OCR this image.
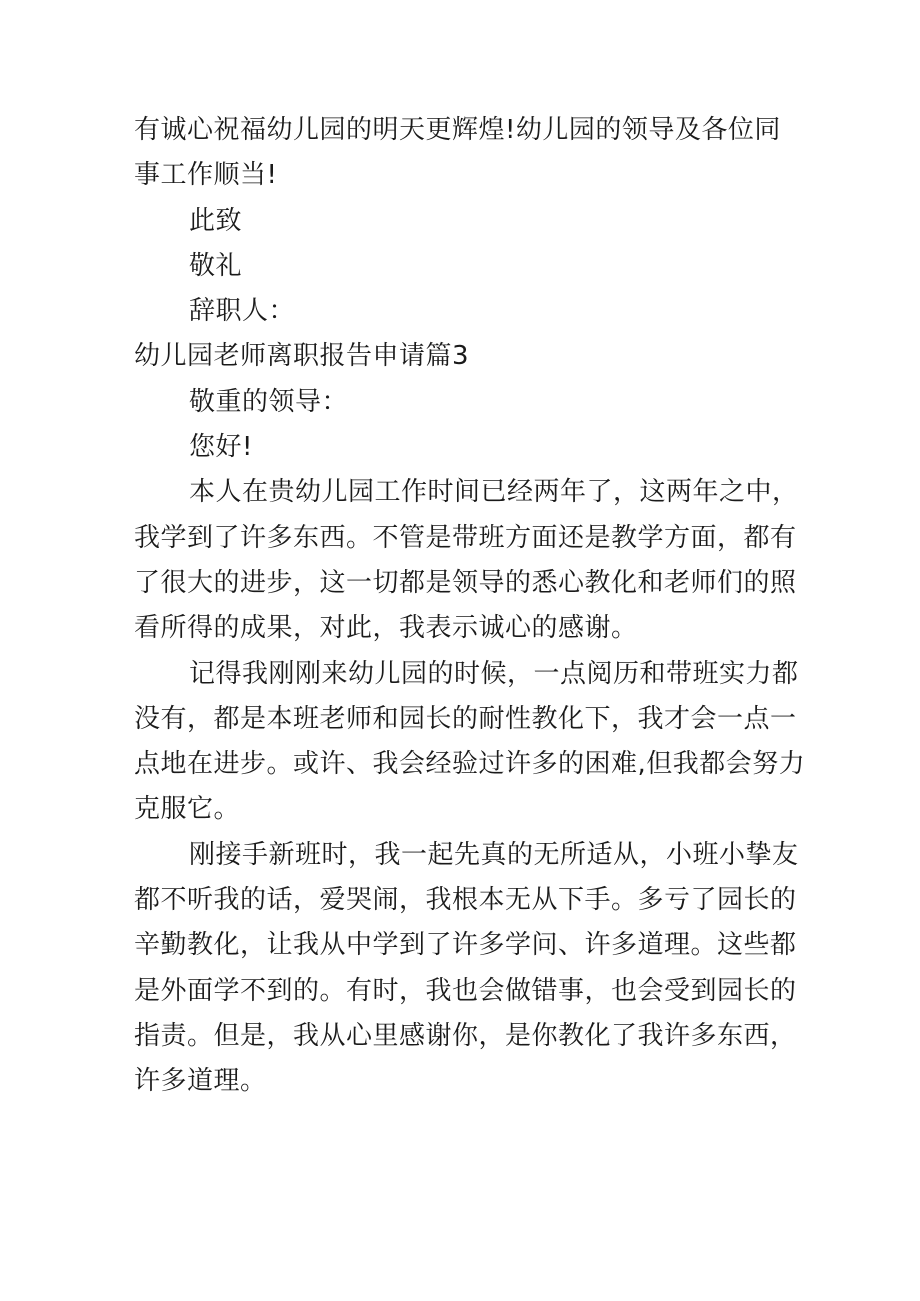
有诚心祝福幼儿园的明天更辉煌!幼儿园的领导及各位同
事工作顺当!
此致
敬礼
辞职人：
幼儿园老师离职报告申请篇3
敬重的领导：
您好!
本人在贵幼儿园工作时间已经两年了，这两年之中，
我学到了许多东西。不管是带班方面还是教学方面，都有
了很大的进步，这一切都是领导的悉心教化和老师们的照
看所得的成果，对此，我表示诚心的感谢。
记得我刚刚来幼儿园的时候，一点阅历和带班实力都
没有，都是本班老师和园长的耐性教化下，我才会一点一
点地在进步。或许、我会经验过许多的困难,但我都会努力
克服它。
刚接手新班时，我一起先真的无所适从，小班小挚友
都不听我的话，爱哭闹，我根本无从下手。多亏了园长的
辛勤教化，让我从中学到了许多学问、许多道理。这些都
是外面学不到的。有时，我也会做错事，也会受到园长的
指责。但是，我从心里感谢你，是你教化了我许多东西，
许多道理。
